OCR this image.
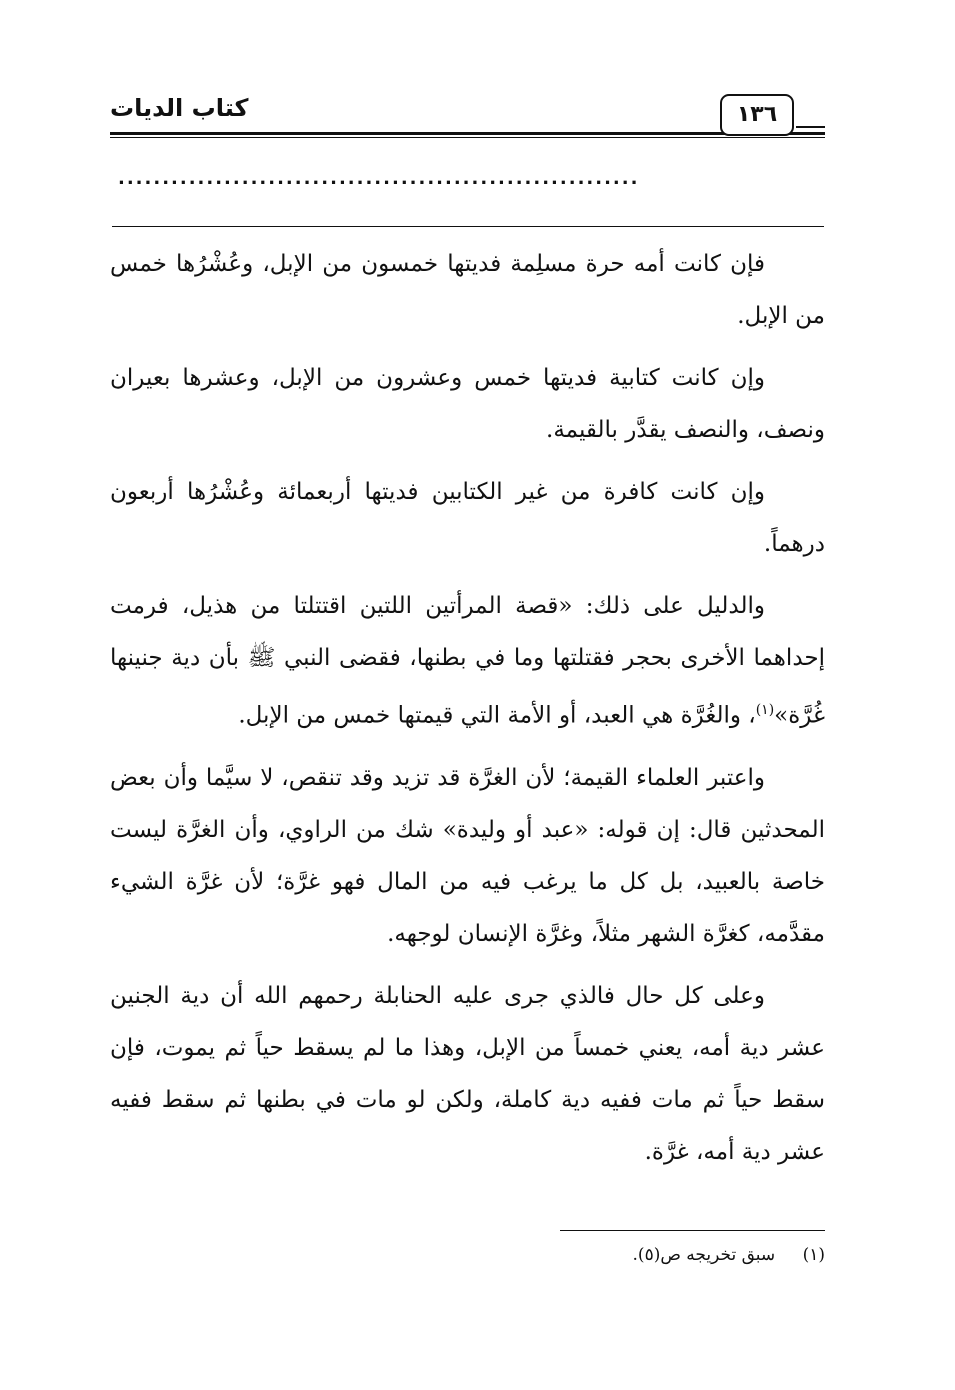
كتاب الديات	١٣٦
...........................................................

فإن كانت أمه حرة مسلِمة فديتها خمسون من الإبل، وعُشْرُها خمس من الإبل.

وإن كانت كتابية فديتها خمس وعشرون من الإبل، وعشرها بعيران ونصف، والنصف يقدَّر بالقيمة.

وإن كانت كافرة من غير الكتابين فديتها أربعمائة وعُشْرُها أربعون درهماً.

والدليل على ذلك: «قصة المرأتين اللتين اقتتلتا من هذيل، فرمت إحداهما الأخرى بحجر فقتلتها وما في بطنها، فقضى النبي ﷺ بأن دية جنينها غُرَّة»$^{(١)}$، والغُرَّة هي العبد، أو الأمة التي قيمتها خمس من الإبل.

واعتبر العلماء القيمة؛ لأن الغرَّة قد تزيد وقد تنقص، لا سيَّما وأن بعض المحدثين قال: إن قوله: «عبد أو وليدة» شك من الراوي، وأن الغرَّة ليست خاصة بالعبيد، بل كل ما يرغب فيه من المال فهو غرَّة؛ لأن غرَّة الشيء مقدَّمه، كغرَّة الشهر مثلاً، وغرَّة الإنسان لوجهه.

وعلى كل حال فالذي جرى عليه الحنابلة رحمهم الله أن دية الجنين عشر دية أمه، يعني خمساً من الإبل، وهذا ما لم يسقط حياً ثم يموت، فإن سقط حياً ثم مات ففيه دية كاملة، ولكن لو مات في بطنها ثم سقط ففيه عشر دية أمه، غرَّة.

(١) سبق تخريجه ص(٥).
